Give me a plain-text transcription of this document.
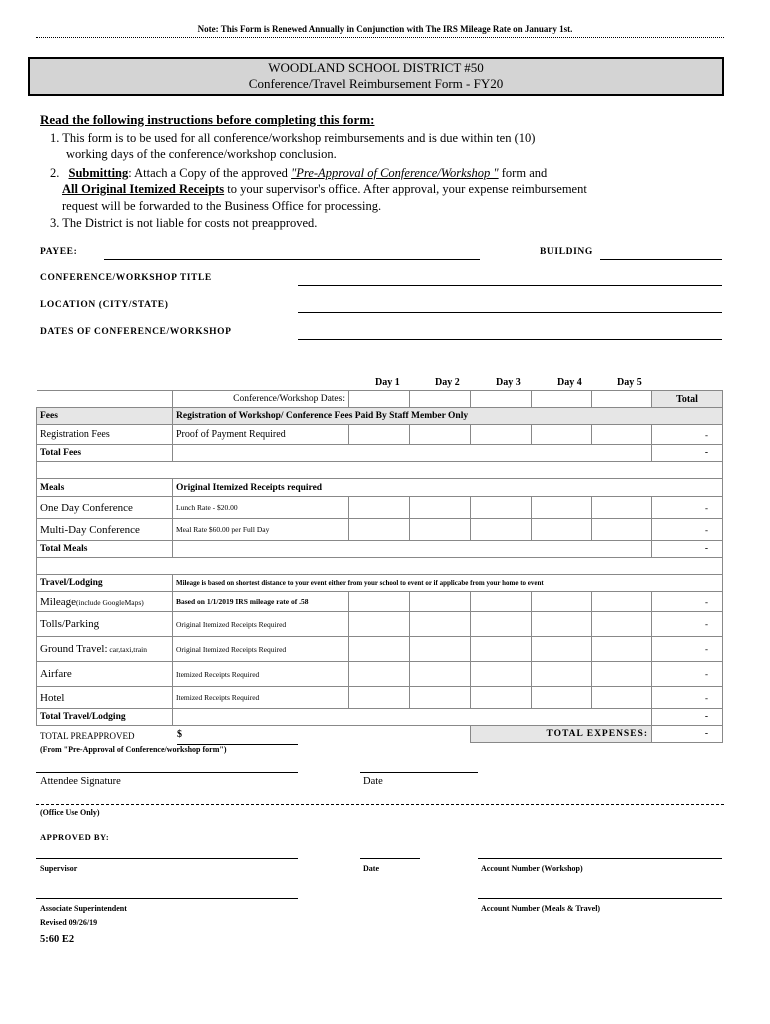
Note: This Form is Renewed Annually in Conjunction with The IRS Mileage Rate on January 1st.
WOODLAND SCHOOL DISTRICT #50
Conference/Travel Reimbursement Form - FY20
Read the following instructions before completing this form:
1. This form is to be used for all conference/workshop reimbursements and is due within ten (10)
working days of the conference/workshop conclusion.
2. Submitting: Attach a Copy of the approved "Pre-Approval of Conference/Workshop " form and
All Original Itemized Receipts to your supervisor's office. After approval, your expense reimbursement
request will be forwarded to the Business Office for processing.
3. The District is not liable for costs not preapproved.
PAYEE:	BUILDING
CONFERENCE/WORKSHOP TITLE
LOCATION (CITY/STATE)
DATES OF CONFERENCE/WORKSHOP
Day 1	Day 2	Day 3	Day 4	Day 5
	Conference/Workshop Dates:						Total
Fees	Registration of Workshop/ Conference Fees Paid By Staff Member Only						
Registration Fees	Proof of Payment Required						-
Total Fees							-

Meals	Original Itemized Receipts required						
One Day Conference	Lunch Rate - $20.00						-
Multi-Day Conference	Meal Rate $60.00 per Full Day						-
Total Meals							-

Travel/Lodging	Mileage is based on shortest distance to your event either from your school to event or if applicabe from your home to event						
Mileage(include GoogleMaps)	Based on 1/1/2019 IRS mileage rate of .58						-
Tolls/Parking	Original Itemized Receipts Required						-
Ground Travel: car,taxi,train	Original Itemized Receipts Required						-
Airfare	Itemized Receipts Required						-
Hotel	Itemized Receipts Required						-
Total Travel/Lodging							-
				TOTAL EXPENSES:			-
TOTAL PREAPPROVED	$
(From "Pre-Approval of Conference/workshop form")
Attendee Signature	Date
(Office Use Only)
APPROVED BY:
Supervisor	Date	Account Number (Workshop)
Associate Superintendent	Account Number (Meals & Travel)
Revised 09/26/19
5:60 E2
